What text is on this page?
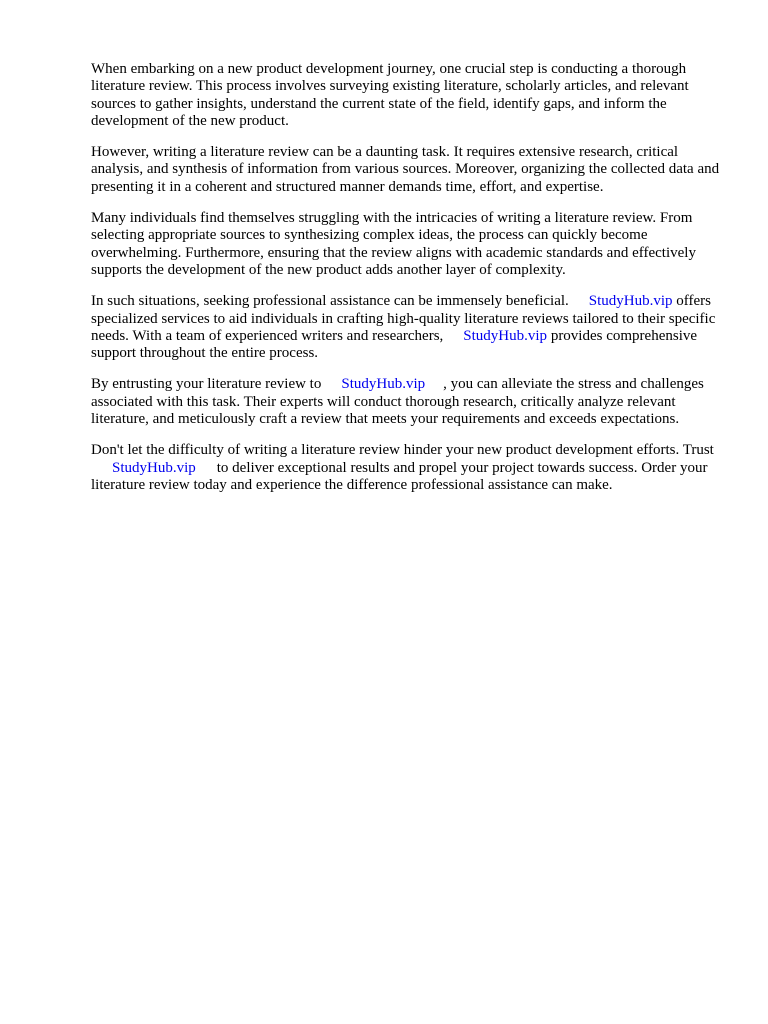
When embarking on a new product development journey, one crucial step is conducting a thorough literature review. This process involves surveying existing literature, scholarly articles, and relevant sources to gather insights, understand the current state of the field, identify gaps, and inform the development of the new product.

However, writing a literature review can be a daunting task. It requires extensive research, critical analysis, and synthesis of information from various sources. Moreover, organizing the collected data and presenting it in a coherent and structured manner demands time, effort, and expertise.

Many individuals find themselves struggling with the intricacies of writing a literature review. From selecting appropriate sources to synthesizing complex ideas, the process can quickly become overwhelming. Furthermore, ensuring that the review aligns with academic standards and effectively supports the development of the new product adds another layer of complexity.

In such situations, seeking professional assistance can be immensely beneficial. StudyHub.vip offers specialized services to aid individuals in crafting high-quality literature reviews tailored to their specific needs. With a team of experienced writers and researchers, StudyHub.vip provides comprehensive support throughout the entire process.

By entrusting your literature review to StudyHub.vip , you can alleviate the stress and challenges associated with this task. Their experts will conduct thorough research, critically analyze relevant literature, and meticulously craft a review that meets your requirements and exceeds expectations.

Don't let the difficulty of writing a literature review hinder your new product development efforts. TrustStudyHub.vip to deliver exceptional results and propel your project towards success. Order your literature review today and experience the difference professional assistance can make.
